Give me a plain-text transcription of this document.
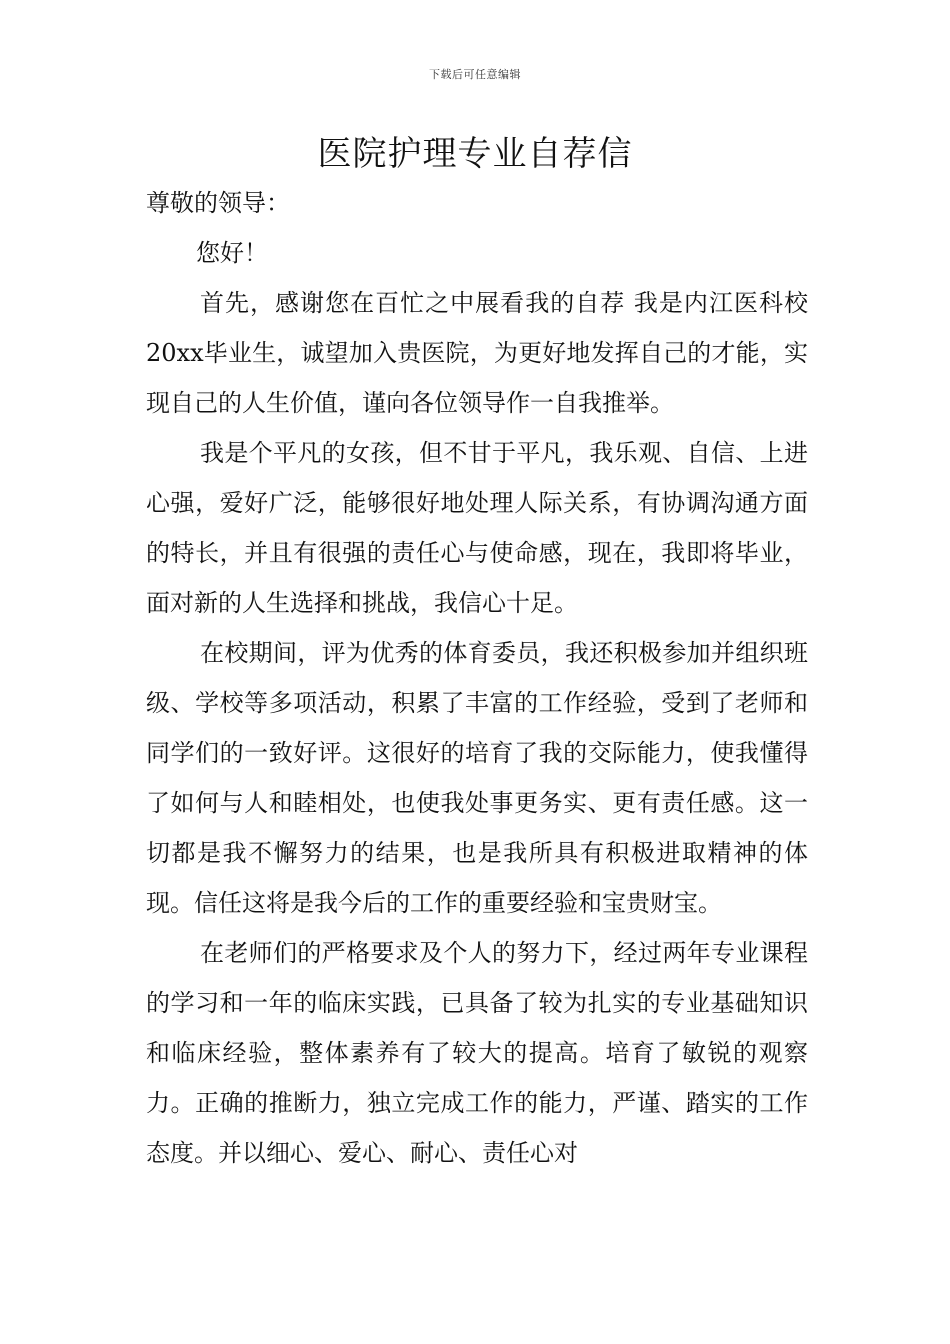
下载后可任意编辑
医院护理专业自荐信

尊敬的领导：

您好！

首先，感谢您在百忙之中展看我的自荐 我是内江医科校20xx毕业生，诚望加入贵医院，为更好地发挥自己的才能，实现自己的人生价值，谨向各位领导作一自我推举。

我是个平凡的女孩，但不甘于平凡，我乐观、自信、上进心强，爱好广泛，能够很好地处理人际关系，有协调沟通方面的特长，并且有很强的责任心与使命感，现在，我即将毕业，面对新的人生选择和挑战，我信心十足。

在校期间，评为优秀的体育委员，我还积极参加并组织班级、学校等多项活动，积累了丰富的工作经验，受到了老师和同学们的一致好评。这很好的培育了我的交际能力，使我懂得了如何与人和睦相处，也使我处事更务实、更有责任感。这一切都是我不懈努力的结果，也是我所具有积极进取精神的体现。信任这将是我今后的工作的重要经验和宝贵财宝。

在老师们的严格要求及个人的努力下，经过两年专业课程的学习和一年的临床实践，已具备了较为扎实的专业基础知识和临床经验，整体素养有了较大的提高。培育了敏锐的观察力。正确的推断力，独立完成工作的能力，严谨、踏实的工作态度。并以细心、爱心、耐心、责任心对
